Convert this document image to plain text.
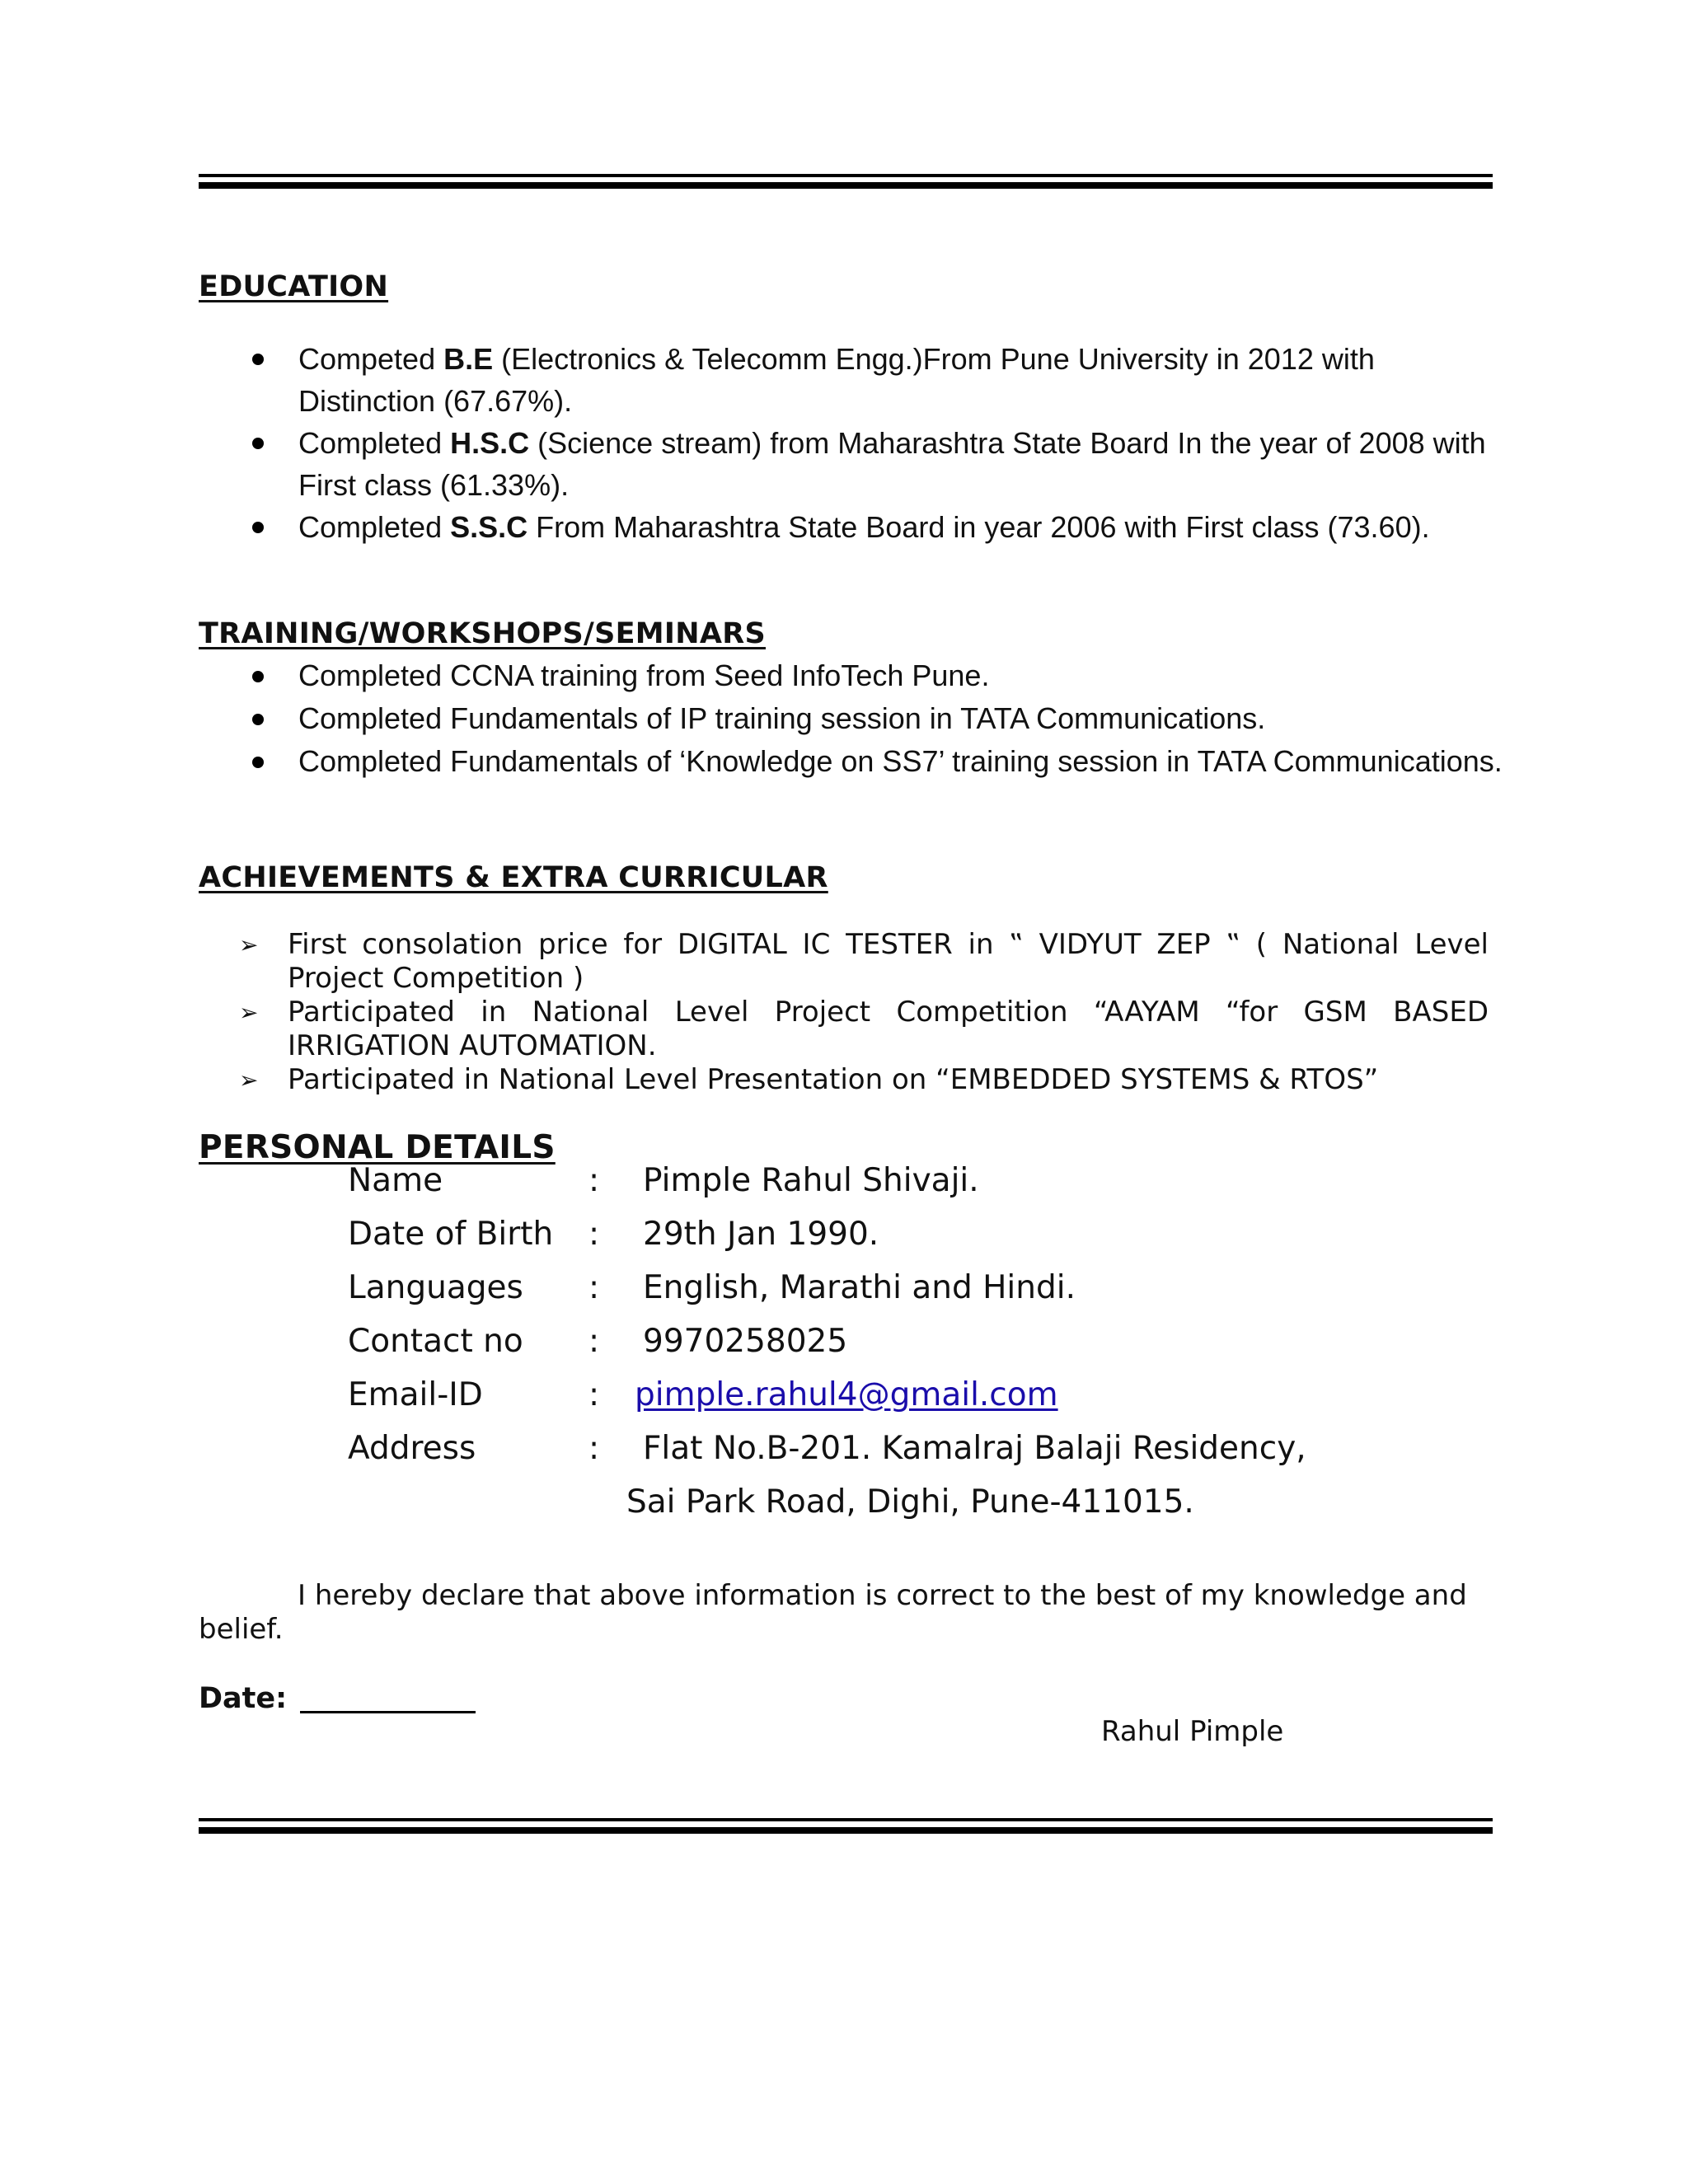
EDUCATION
Competed B.E (Electronics & Telecomm Engg.)From Pune University in 2012 with Distinction (67.67%).
Completed H.S.C (Science stream) from Maharashtra State Board In the year of 2008 with First class (61.33%).
Completed S.S.C From Maharashtra State Board in year 2006 with First class (73.60).
TRAINING/WORKSHOPS/SEMINARS
Completed CCNA training from Seed InfoTech Pune.
Completed Fundamentals of IP training session in TATA Communications.
Completed Fundamentals of ‘Knowledge on SS7’ training session in TATA Communications.
ACHIEVEMENTS & EXTRA CURRICULAR
➢ First consolation price for DIGITAL IC TESTER in ‟ VIDYUT ZEP ‟ ( National Level Project Competition )
➢ Participated in National Level Project Competition “AAYAM “for GSM BASED IRRIGATION AUTOMATION.
➢ Participated in National Level Presentation on “EMBEDDED SYSTEMS & RTOS”
PERSONAL DETAILS
Name	: Pimple Rahul Shivaji.
Date of Birth : 29th Jan 1990.
Languages : English, Marathi and Hindi.
Contact no : 9970258025
Email-ID	: pimple.rahul4@gmail.com
Address	: Flat No.B-201. Kamalraj Balaji Residency,
Sai Park Road, Dighi, Pune-411015.
I hereby declare that above information is correct to the best of my knowledge and belief.
Date:
Rahul Pimple
